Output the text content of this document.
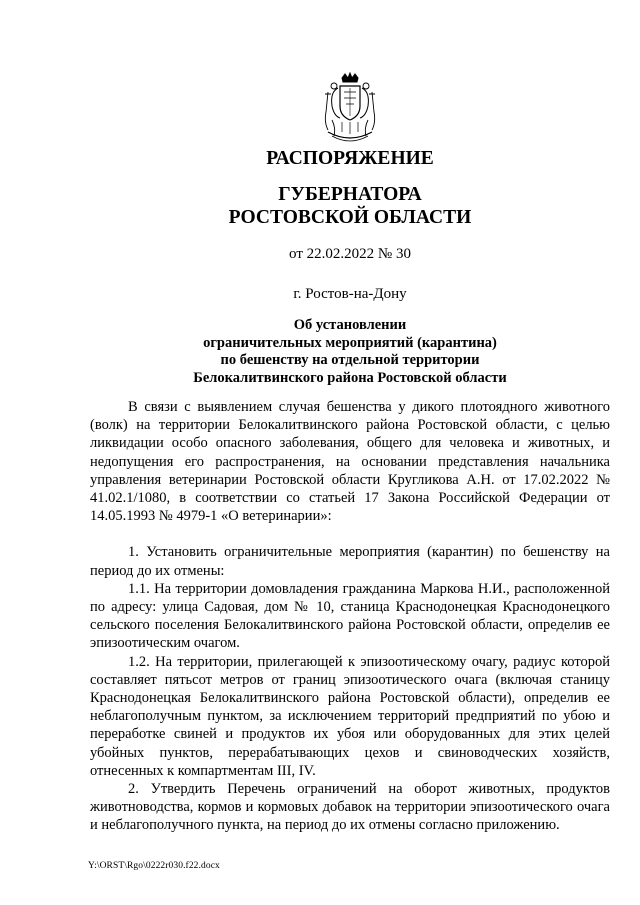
РАСПОРЯЖЕНИЕ

ГУБЕРНАТОРА
РОСТОВСКОЙ ОБЛАСТИ

от 22.02.2022 № 30

г. Ростов-на-Дону

Об установлении
ограничительных мероприятий (карантина)
по бешенству на отдельной территории
Белокалитвинского района Ростовской области

В связи с выявлением случая бешенства у дикого плотоядного животного (волк) на территории Белокалитвинского района Ростовской области, с целью ликвидации особо опасного заболевания, общего для человека и животных, и недопущения его распространения, на основании представления начальника управления ветеринарии Ростовской области Кругликова А.Н. от 17.02.2022 № 41.02.1/1080, в соответствии со статьей 17 Закона Российской Федерации от 14.05.1993 № 4979-1 «О ветеринарии»:

1. Установить ограничительные мероприятия (карантин) по бешенству на период до их отмены:

1.1. На территории домовладения гражданина Маркова Н.И., расположенной по адресу: улица Садовая, дом № 10, станица Краснодонецкая Краснодонецкого сельского поселения Белокалитвинского района Ростовской области, определив ее эпизоотическим очагом.

1.2. На территории, прилегающей к эпизоотическому очагу, радиус которой составляет пятьсот метров от границ эпизоотического очага (включая станицу Краснодонецкая Белокалитвинского района Ростовской области), определив ее неблагополучным пунктом, за исключением территорий предприятий по убою и переработке свиней и продуктов их убоя или оборудованных для этих целей убойных пунктов, перерабатывающих цехов и свиноводческих хозяйств, отнесенных к компартментам III, IV.

2. Утвердить Перечень ограничений на оборот животных, продуктов животноводства, кормов и кормовых добавок на территории эпизоотического очага и неблагополучного пункта, на период до их отмены согласно приложению.

Y:\ORST\Rgo\0222r030.f22.docx
